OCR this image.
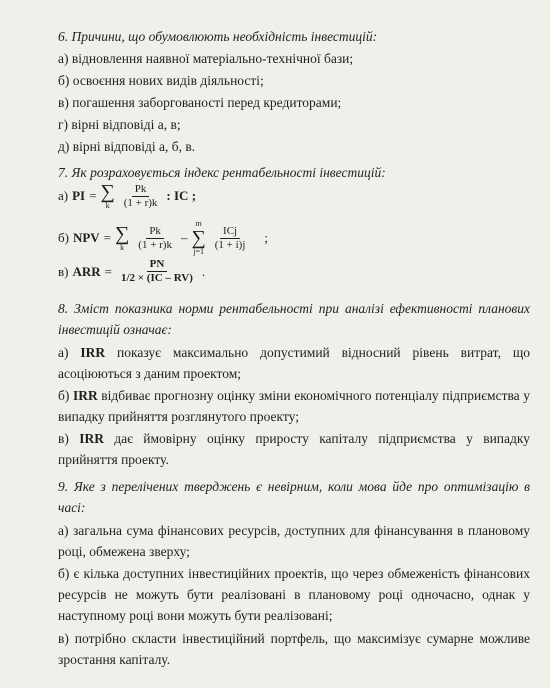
6. Причини, що обумовлюють необхідність інвестицій:
а) відновлення наявної матеріально-технічної бази;
б) освоєння нових видів діяльності;
в) погашення заборгованості перед кредиторами;
г) вірні відповіді а, в;
д) вірні відповіді а, б, в.
7. Як розраховується індекс рентабельності інвестицій:
а) PI = ∑
k $\frac{Pk}{(1 + r)k}$ : IC ;
б) NPV = ∑
k $\frac{Pk}{(1 + r)k}$ –
m
∑
$j=1 \frac{\text{ICj}}{(1 + i)j}$ ;
в) ARR = $\frac{PN}{1/2 \times (IC - RV)}$ .
8. Зміст показника норми рентабельності при аналізі ефективності планових інвестицій означає:
а) IRR показує максимально допустимий відносний рівень витрат, що асоціюються з даним проектом;
б) IRR відбиває прогнозну оцінку зміни економічного потенціалу підприємства у випадку прийняття розглянутого проекту;
в) IRR дає ймовірну оцінку приросту капіталу підприємства у випадку прийняття проекту.
9. Яке з перелічених тверджень є невірним, коли мова йде про оптимізацію в часі:
а) загальна сума фінансових ресурсів, доступних для фінансування в плановому році, обмежена зверху;
б) є кілька доступних інвестиційних проектів, що через обмеженість фінансових ресурсів не можуть бути реалізовані в плановому році одночасно, однак у наступному році вони можуть бути реалізовані;
в) потрібно скласти інвестиційний портфель, що максимізує сумарне можливе зростання капіталу.
